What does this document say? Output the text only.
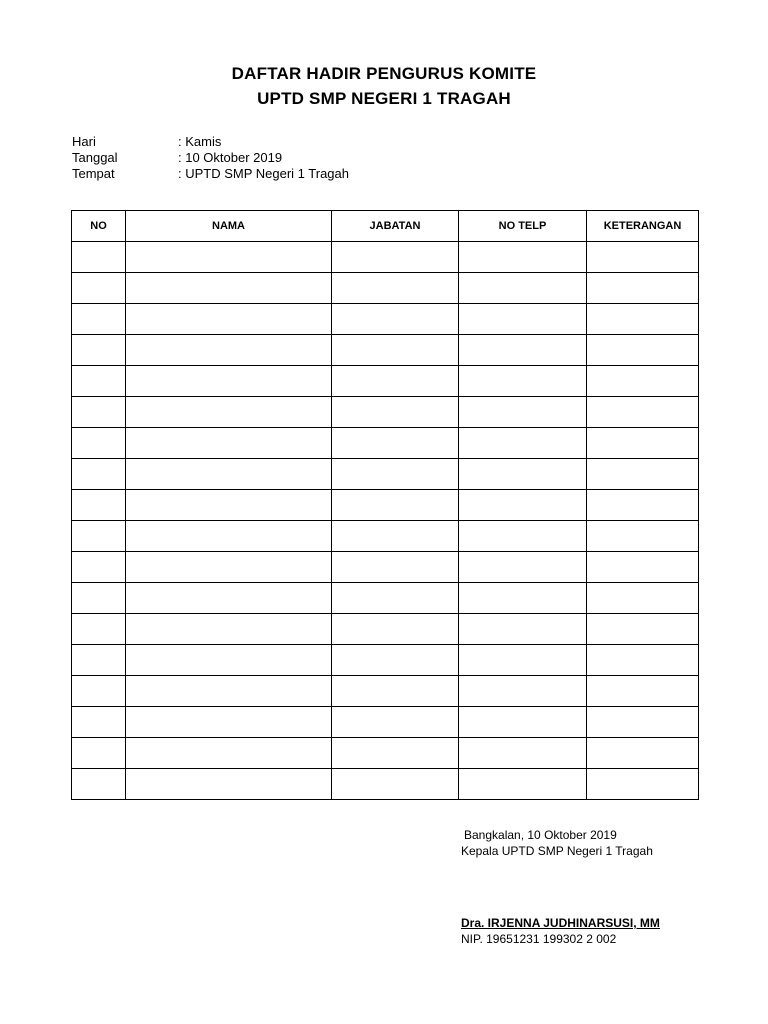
DAFTAR HADIR PENGURUS KOMITE
UPTD SMP NEGERI 1 TRAGAH
Hari	: Kamis
Tanggal	: 10 Oktober 2019
Tempat	: UPTD SMP Negeri 1 Tragah
NO	NAMA	JABATAN	NO TELP	KETERANGAN

Bangkalan, 10 Oktober 2019
Kepala UPTD SMP Negeri 1 Tragah
Dra. IRJENNA JUDHINARSUSI, MM
NIP. 19651231 199302 2 002
